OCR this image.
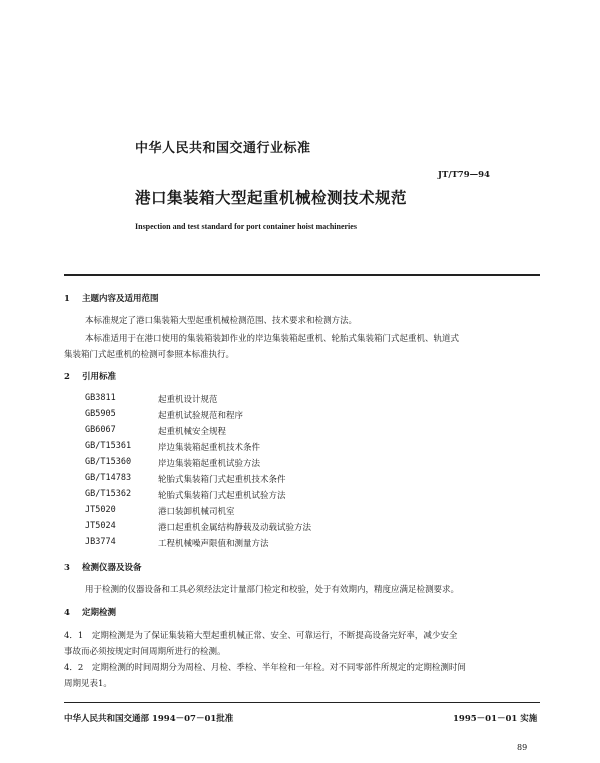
中华人民共和国交通行业标准
JT/T79—94
港口集装箱大型起重机械检测技术规范
Inspection and test standard for port container hoist machineries
1 主题内容及适用范围
本标准规定了港口集装箱大型起重机械检测范围、技术要求和检测方法。
本标准适用于在港口使用的集装箱装卸作业的岸边集装箱起重机、轮胎式集装箱门式起重机、轨道式
集装箱门式起重机的检测可参照本标准执行。
2 引用标准
GB3811	起重机设计规范
GB5905	起重机试验规范和程序
GB6067	起重机械安全规程
GB/T15361	岸边集装箱起重机技术条件
GB/T15360	岸边集装箱起重机试验方法
GB/T14783	轮胎式集装箱门式起重机技术条件
GB/T15362	轮胎式集装箱门式起重机试验方法
JT5020	港口装卸机械司机室
JT5024	港口起重机金属结构静载及动载试验方法
JB3774	工程机械噪声限值和测量方法
3 检测仪器及设备
用于检测的仪器设备和工具必须经法定计量部门检定和校验，处于有效期内，精度应满足检测要求。
4 定期检测
4．1　定期检测是为了保证集装箱大型起重机械正常、安全、可靠运行，不断提高设备完好率，减少安全
事故而必须按规定时间周期所进行的检测。
4．2　定期检测的时间周期分为周检、月检、季检、半年检和一年检。对不同零部件所规定的定期检测时间
周期见表1。
中华人民共和国交通部 1994－07－01批准	1995－01－01 实施
89
